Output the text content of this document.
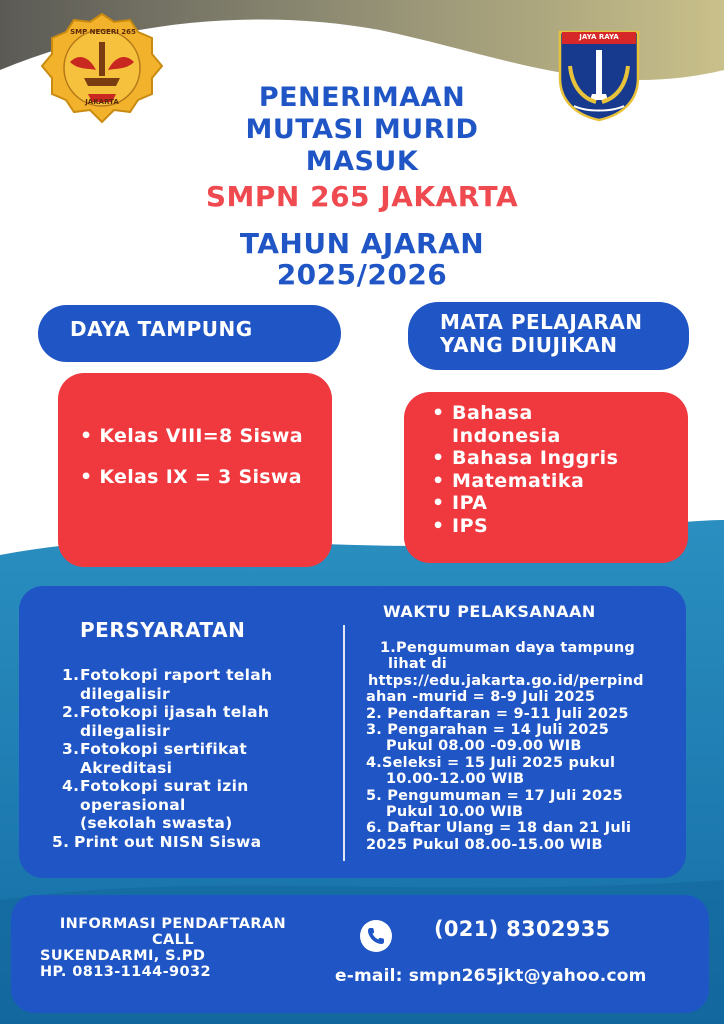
SMP NEGERI 265
JAKARTA
JAYA RAYA
PENERIMAAN
MUTASI MURID
MASUK
SMPN 265 JAKARTA
TAHUN AJARAN
2025/2026
DAYA TAMPUNG	MATA PELAJARAN
YANG DIUJIKAN
• Kelas VIII=8 Siswa
• Kelas IX = 3 Siswa
• Bahasa
Indonesia
• Bahasa Inggris
• Matematika
• IPA
• IPS
PERSYARATAN
WAKTU PELAKSANAAN
1. Fotokopi raport telah
dilegalisir
2. Fotokopi ijasah telah
dilegalisir
3. Fotokopi sertifikat
Akreditasi
4. Fotokopi surat izin
operasional
(sekolah swasta)
5. Print out NISN Siswa
1.Pengumuman daya tampung
lihat di
https://edu.jakarta.go.id/perpind
ahan -murid = 8-9 Juli 2025
2. Pendaftaran = 9-11 Juli 2025
3. Pengarahan = 14 Juli 2025
Pukul 08.00 -09.00 WIB
4.Seleksi = 15 Juli 2025 pukul
10.00-12.00 WIB
5. Pengumuman = 17 Juli 2025
Pukul 10.00 WIB
6. Daftar Ulang = 18 dan 21 Juli
2025 Pukul 08.00-15.00 WIB
INFORMASI PENDAFTARAN
CALL
SUKENDARMI, S.PD
HP. 0813-1144-9032
(021) 8302935
e-mail: smpn265jkt@yahoo.com
